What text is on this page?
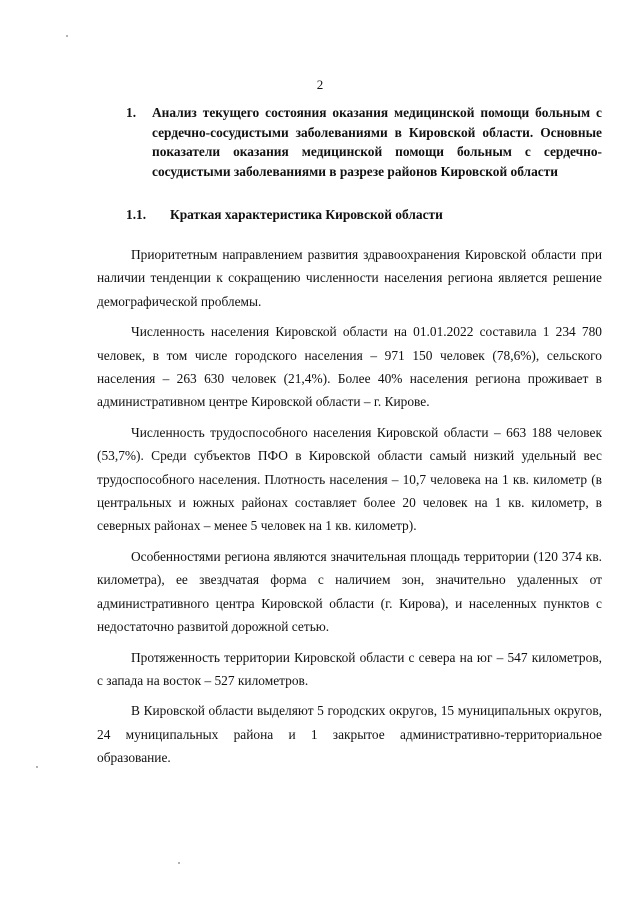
2
1. Анализ текущего состояния оказания медицинской помощи больным с сердечно-сосудистыми заболеваниями в Кировской области. Основные показатели оказания медицинской помощи больным с сердечно-сосудистыми заболеваниями в разрезе районов Кировской области
1.1. Краткая характеристика Кировской области

Приоритетным направлением развития здравоохранения Кировской области при наличии тенденции к сокращению численности населения региона является решение демографической проблемы.

Численность населения Кировской области на 01.01.2022 составила 1 234 780 человек, в том числе городского населения – 971 150 человек (78,6%), сельского населения – 263 630 человек (21,4%). Более 40% населения региона проживает в административном центре Кировской области – г. Кирове.

Численность трудоспособного населения Кировской области – 663 188 человек (53,7%). Среди субъектов ПФО в Кировской области самый низкий удельный вес трудоспособного населения. Плотность населения – 10,7 человека на 1 кв. километр (в центральных и южных районах составляет более 20 человек на 1 кв. километр, в северных районах – менее 5 человек на 1 кв. километр).

Особенностями региона являются значительная площадь территории (120 374 кв. километра), ее звездчатая форма с наличием зон, значительно удаленных от административного центра Кировской области (г. Кирова), и населенных пунктов с недостаточно развитой дорожной сетью.

Протяженность территории Кировской области с севера на юг – 547 километров, с запада на восток – 527 километров.

В Кировской области выделяют 5 городских округов, 15 муниципальных округов, 24 муниципальных района и 1 закрытое административно-территориальное образование.
